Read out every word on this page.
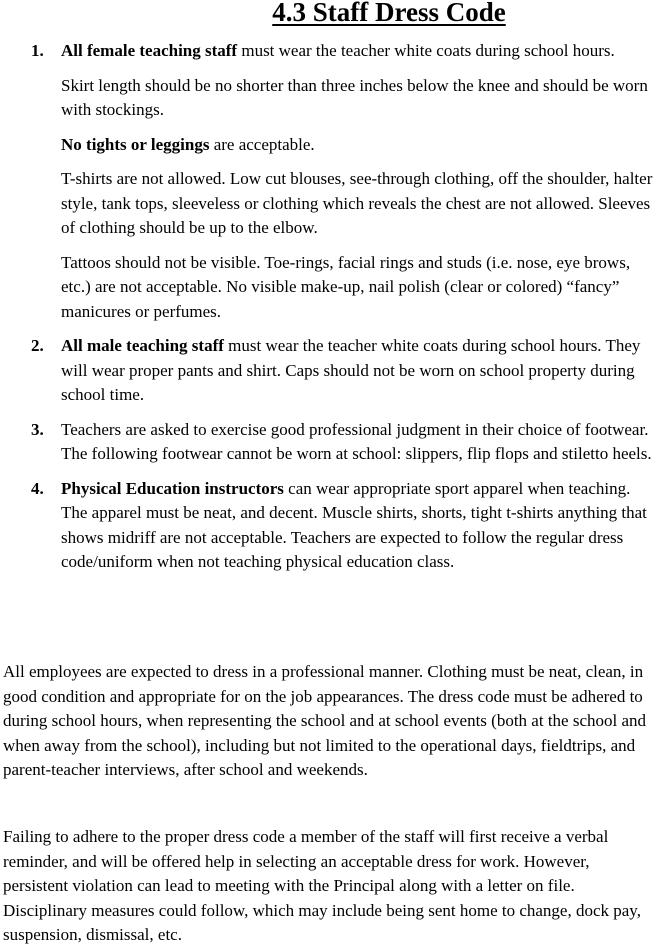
4.3 Staff Dress Code
1. All female teaching staff must wear the teacher white coats during school hours.

Skirt length should be no shorter than three inches below the knee and should be worn with stockings.

No tights or leggings are acceptable.

T-shirts are not allowed. Low cut blouses, see-through clothing, off the shoulder, halter style, tank tops, sleeveless or clothing which reveals the chest are not allowed. Sleeves of clothing should be up to the elbow.

Tattoos should not be visible. Toe-rings, facial rings and studs (i.e. nose, eye brows, etc.) are not acceptable. No visible make-up, nail polish (clear or colored) “fancy” manicures or perfumes.

2. All male teaching staff must wear the teacher white coats during school hours. They will wear proper pants and shirt. Caps should not be worn on school property during school time.

3. Teachers are asked to exercise good professional judgment in their choice of footwear. The following footwear cannot be worn at school: slippers, flip flops and stiletto heels.

4. Physical Education instructors can wear appropriate sport apparel when teaching. The apparel must be neat, and decent. Muscle shirts, shorts, tight t-shirts anything that shows midriff are not acceptable. Teachers are expected to follow the regular dress code/uniform when not teaching physical education class.

All employees are expected to dress in a professional manner. Clothing must be neat, clean, in good condition and appropriate for on the job appearances. The dress code must be adhered to during school hours, when representing the school and at school events (both at the school and when away from the school), including but not limited to the operational days, fieldtrips, and parent-teacher interviews, after school and weekends.

Failing to adhere to the proper dress code a member of the staff will first receive a verbal reminder, and will be offered help in selecting an acceptable dress for work. However, persistent violation can lead to meeting with the Principal along with a letter on file. Disciplinary measures could follow, which may include being sent home to change, dock pay, suspension, dismissal, etc.
